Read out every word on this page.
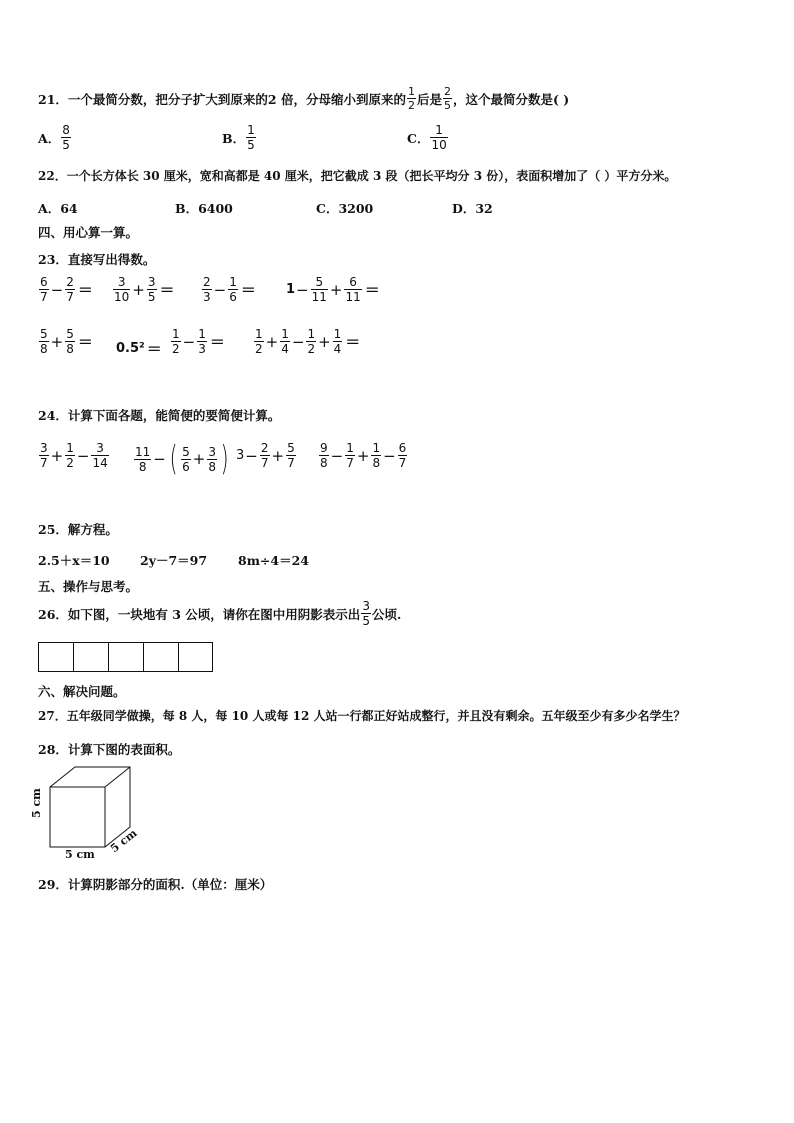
21．一个最简分数，把分子扩大到原来的2 倍，分母缩小到原来的 $\frac{1}{2}$ 后是 $\frac{2}{5}$ ，这个最简分数是( )
A． $\frac{8}{5}$	B． $\frac{1}{5}$	C． $\frac{1}{10}$
22．一个长方体长 30 厘米，宽和高都是 40 厘米，把它截成 3 段（把长平均分 3 份），表面积增加了（ ）平方分米。
A．64	B．6400	C．3200	D．32
四、用心算一算。
23．直接写出得数。
$\frac{6}{7} - \frac{2}{7} = \frac{3}{10} + \frac{3}{5} = \frac{2}{3} - \frac{1}{6} = 1 - \frac{5}{11} + \frac{6}{11}$ ＝
$\frac{5}{8} + \frac{5}{8} = 0.5^2 = \frac{1}{2} - \frac{1}{3} = \frac{1}{2} + \frac{1}{4} - \frac{1}{2} + \frac{1}{4}$ ＝
24．计算下面各题，能简便的要简便计算。
$\frac{3}{7} + \frac{1}{2} - \frac{3}{14} \frac{11}{8}$ − ( $\frac{5}{6} + \frac{3}{8}$ ) $3 - \frac{2}{7} + \frac{5}{7} \frac{9}{8} - \frac{1}{7} + \frac{1}{8} - \frac{6}{7}$
25．解方程。
2.5＋x＝10 2y－7＝97 8m÷4＝24
五、操作与思考。
26．如下图，一块地有 3 公顷，请你在图中用阴影表示出 $\frac{3}{5}$ 公顷.
六、解决问题。
27．五年级同学做操，每 8 人，每 10 人或每 12 人站一行都正好站成整行，并且没有剩余。五年级至少有多少名学生？
28．计算下图的表面积。
5 cm
5 cm 5 cm
29．计算阴影部分的面积.（单位：厘米）
